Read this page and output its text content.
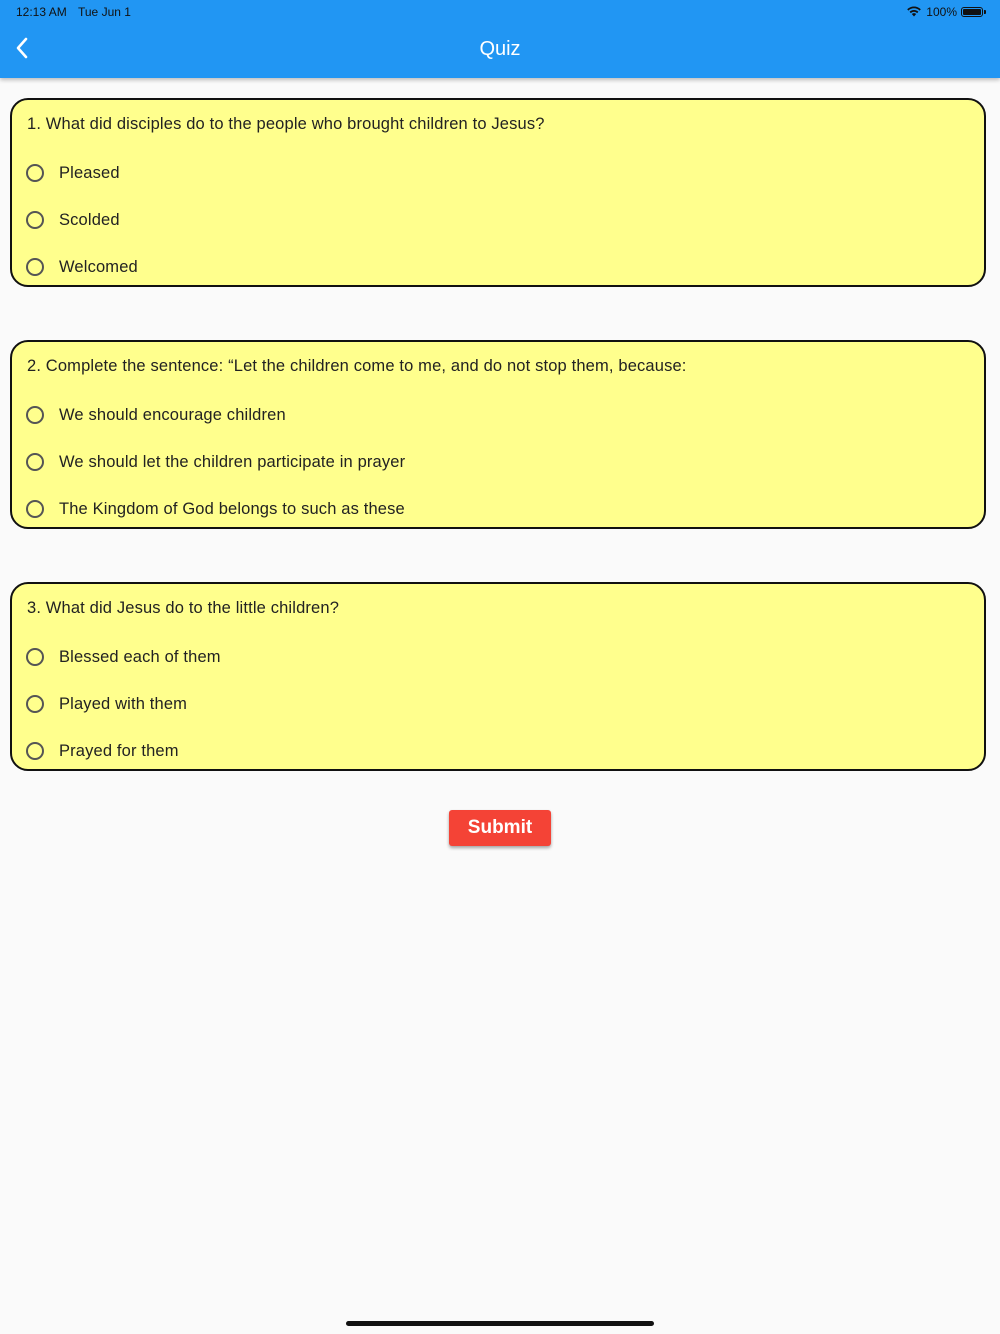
12:13 AM Tue Jun 1	100%
Quiz
1. What did disciples do to the people who brought children to Jesus?
Pleased
Scolded
Welcomed
2. Complete the sentence: “Let the children come to me, and do not stop them, because:
We should encourage children
We should let the children participate in prayer
The Kingdom of God belongs to such as these
3. What did Jesus do to the little children?
Blessed each of them
Played with them
Prayed for them
Submit
